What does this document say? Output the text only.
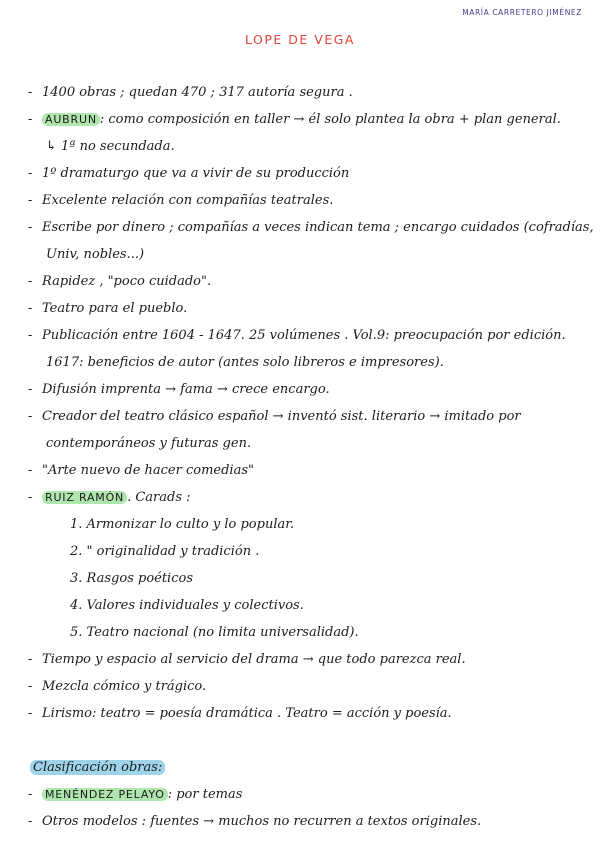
MARÍA CARRETERO JIMÉNEZ
LOPE DE VEGA
- 1400 obras ; quedan 470 ; 317 autoría segura .
- AUBRUN : como composición en taller → él solo plantea la obra + plan general.
↳ 1ª no secundada.
- 1º dramaturgo que va a vivir de su producción
- Excelente relación con compañías teatrales.
- Escribe por dinero ; compañías a veces indican tema ; encargo cuidados (cofradías,
Univ, nobles...)
- Rapidez , "poco cuidado".
- Teatro para el pueblo.
- Publicación entre 1604 - 1647. 25 volúmenes . Vol.9: preocupación por edición.
1617: beneficios de autor (antes solo libreros e impresores).
- Difusión imprenta → fama → crece encargo.
- Creador del teatro clásico español → inventó sist. literario → imitado por
contemporáneos y futuras gen.
- "Arte nuevo de hacer comedias"
- RUIZ RAMÓN . Carads :
1. Armonizar lo culto y lo popular.
2. " originalidad y tradición .
3. Rasgos poéticos
4. Valores individuales y colectivos.
5. Teatro nacional (no limita universalidad).
- Tiempo y espacio al servicio del drama → que todo parezca real.
- Mezcla cómico y trágico.
- Lirismo: teatro = poesía dramática . Teatro = acción y poesía.
Clasificación obras:
- MENÉNDEZ PELAYO : por temas
- Otros modelos : fuentes → muchos no recurren a textos originales.
